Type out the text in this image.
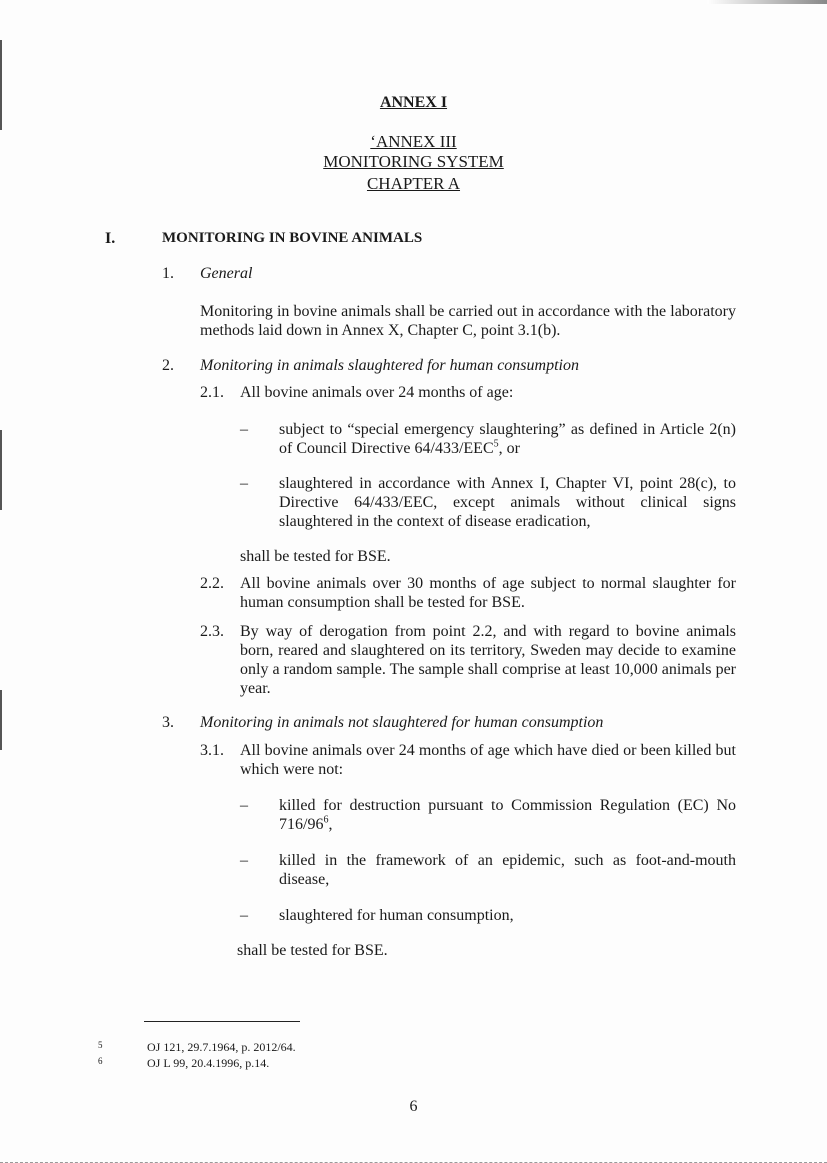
ANNEX I
‘ANNEX III
MONITORING SYSTEM
CHAPTER A
I.	MONITORING IN BOVINE ANIMALS
1. General
Monitoring in bovine animals shall be carried out in accordance with the laboratory methods laid down in Annex X, Chapter C, point 3.1(b).
2. Monitoring in animals slaughtered for human consumption
2.1. All bovine animals over 24 months of age:
– subject to “special emergency slaughtering” as defined in Article 2(n) of Council Directive 64/433/EEC$^5$, or
– slaughtered in accordance with Annex I, Chapter VI, point 28(c), to Directive 64/433/EEC, except animals without clinical signs slaughtered in the context of disease eradication,
shall be tested for BSE.
2.2. All bovine animals over 30 months of age subject to normal slaughter for human consumption shall be tested for BSE.
2.3. By way of derogation from point 2.2, and with regard to bovine animals born, reared and slaughtered on its territory, Sweden may decide to examine only a random sample. The sample shall comprise at least 10,000 animals per year.
3. Monitoring in animals not slaughtered for human consumption
3.1. All bovine animals over 24 months of age which have died or been killed but which were not:
– killed for destruction pursuant to Commission Regulation (EC) No $716/96^6$,
– killed in the framework of an epidemic, such as foot-and-mouth disease,
– slaughtered for human consumption,
shall be tested for BSE.
5	OJ 121, 29.7.1964, p. 2012/64.
6	OJ L 99, 20.4.1996, p.14.
6
